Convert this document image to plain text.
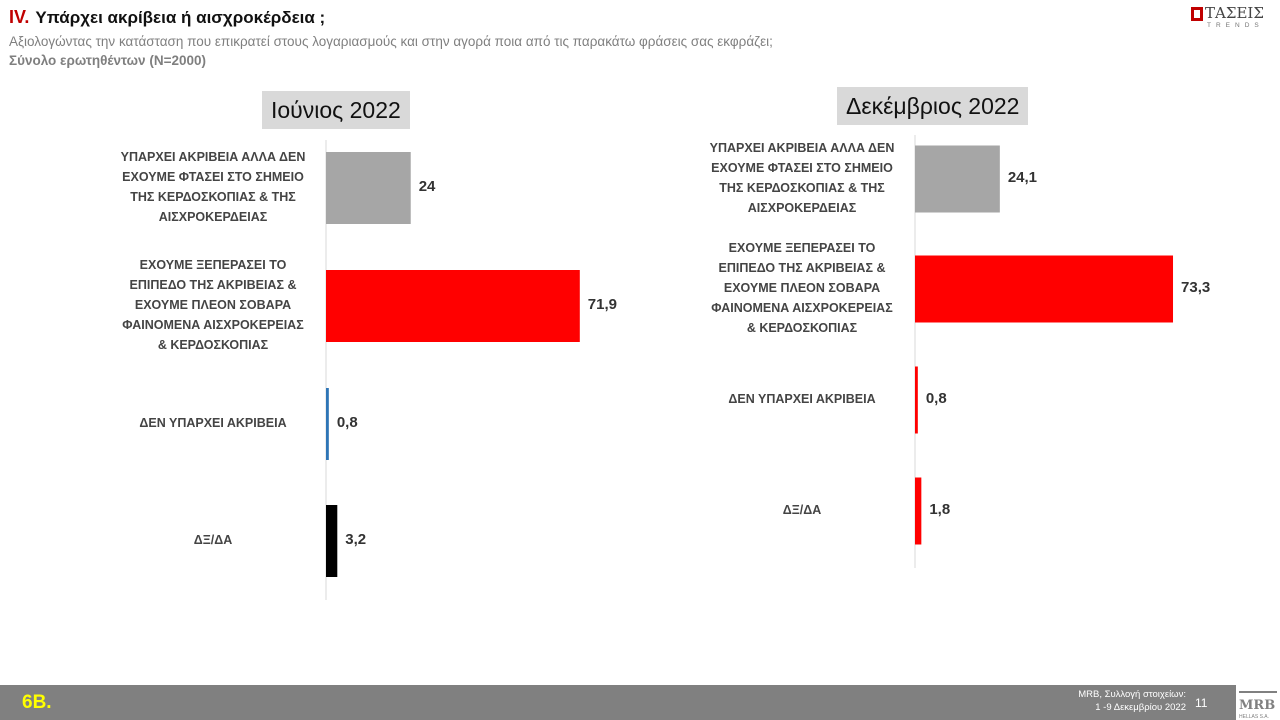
IV. Υπάρχει ακρίβεια ή αισχροκέρδεια ;
Αξιολογώντας την κατάσταση που επικρατεί στους λογαριασμούς και στην αγορά ποια από τις παρακάτω φράσεις σας εκφράζει;
Σύνολο ερωτηθέντων (N=2000)
ΤΑΣΕΙΣ
TRENDS
Ιούνιος 2022	Δεκέμβριος 2022
24
ΥΠΑΡΧΕΙ ΑΚΡΙΒΕΙΑ ΑΛΛΑ ΔΕΝ
ΕΧΟΥΜΕ ΦΤΑΣΕΙ ΣΤΟ ΣΗΜΕΙΟ
ΤΗΣ ΚΕΡΔΟΣΚΟΠΙΑΣ & ΤΗΣ
ΑΙΣΧΡΟΚΕΡΔΕΙΑΣ
71,9
ΕΧΟΥΜΕ ΞΕΠΕΡΑΣΕΙ ΤΟ
ΕΠΙΠΕΔΟ ΤΗΣ ΑΚΡΙΒΕΙΑΣ &
ΕΧΟΥΜΕ ΠΛΕΟΝ ΣΟΒΑΡΑ
ΦΑΙΝΟΜΕΝΑ ΑΙΣΧΡΟΚΕΡΕΙΑΣ
& ΚΕΡΔΟΣΚΟΠΙΑΣ
0,8
ΔΕΝ ΥΠΑΡΧΕΙ ΑΚΡΙΒΕΙΑ
3,2
ΔΞ/ΔΑ
24,1
ΥΠΑΡΧΕΙ ΑΚΡΙΒΕΙΑ ΑΛΛΑ ΔΕΝ
ΕΧΟΥΜΕ ΦΤΑΣΕΙ ΣΤΟ ΣΗΜΕΙΟ
ΤΗΣ ΚΕΡΔΟΣΚΟΠΙΑΣ & ΤΗΣ
ΑΙΣΧΡΟΚΕΡΔΕΙΑΣ
73,3
ΕΧΟΥΜΕ ΞΕΠΕΡΑΣΕΙ ΤΟ
ΕΠΙΠΕΔΟ ΤΗΣ ΑΚΡΙΒΕΙΑΣ &
ΕΧΟΥΜΕ ΠΛΕΟΝ ΣΟΒΑΡΑ
ΦΑΙΝΟΜΕΝΑ ΑΙΣΧΡΟΚΕΡΕΙΑΣ
& ΚΕΡΔΟΣΚΟΠΙΑΣ
0,8
ΔΕΝ ΥΠΑΡΧΕΙ ΑΚΡΙΒΕΙΑ
1,8
ΔΞ/ΔΑ
6B.	MRB, Συλλογή στοιχείων:
1 -9 Δεκεμβρίου 2022 11 MRB
HELLAS S.A.
